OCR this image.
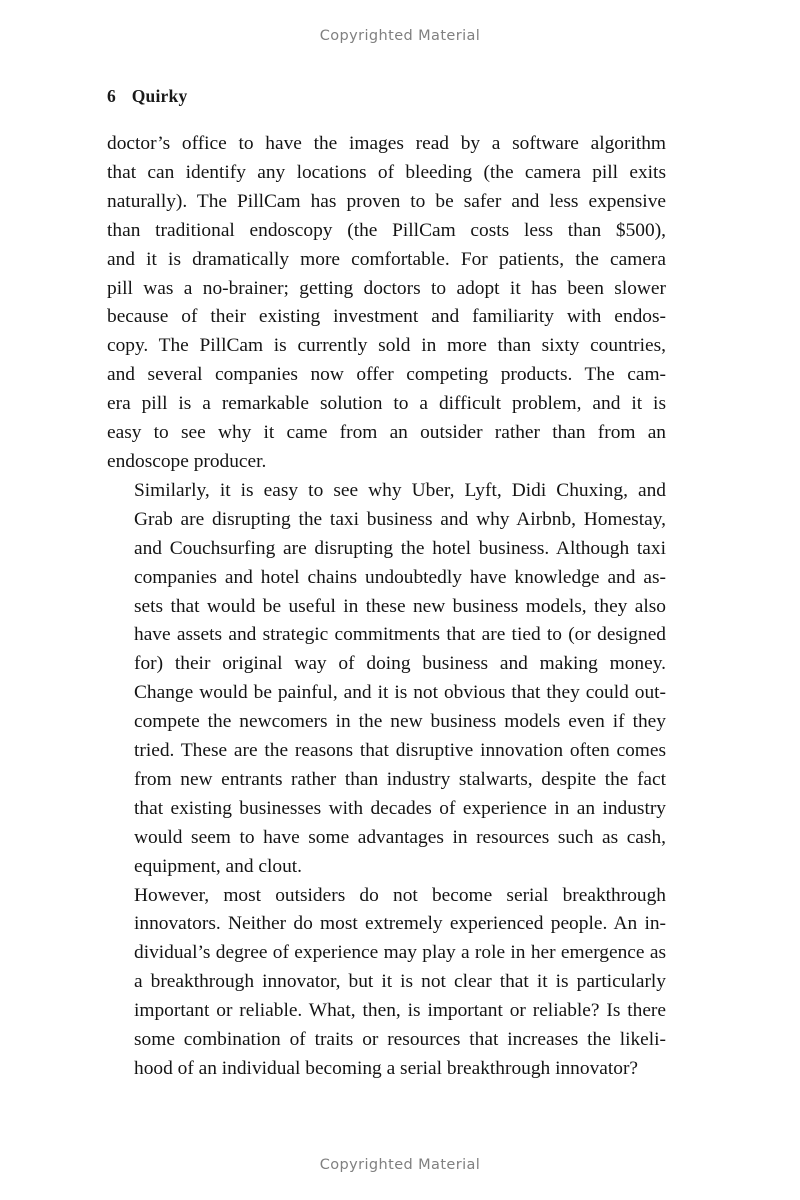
Copyrighted Material
6 Quirky

doctor’s office to have the images read by a software algorithm
that can identify any locations of bleeding (the camera pill exits
naturally). The PillCam has proven to be safer and less expensive
than traditional endoscopy (the PillCam costs less than $500),
and it is dramatically more comfortable. For patients, the camera
pill was a no-brainer; getting doctors to adopt it has been slower
because of their existing investment and familiarity with endos-
copy. The PillCam is currently sold in more than sixty countries,
and several companies now offer competing products. The cam-
era pill is a remarkable solution to a difficult problem, and it is
easy to see why it came from an outsider rather than from an
endoscope producer.

Similarly, it is easy to see why Uber, Lyft, Didi Chuxing, and
Grab are disrupting the taxi business and why Airbnb, Homestay,
and Couchsurfing are disrupting the hotel business. Although taxi
companies and hotel chains undoubtedly have knowledge and as-
sets that would be useful in these new business models, they also
have assets and strategic commitments that are tied to (or designed
for) their original way of doing business and making money.
Change would be painful, and it is not obvious that they could out-
compete the newcomers in the new business models even if they
tried. These are the reasons that disruptive innovation often comes
from new entrants rather than industry stalwarts, despite the fact
that existing businesses with decades of experience in an industry
would seem to have some advantages in resources such as cash,
equipment, and clout.

However, most outsiders do not become serial breakthrough
innovators. Neither do most extremely experienced people. An in-
dividual’s degree of experience may play a role in her emergence as
a breakthrough innovator, but it is not clear that it is particularly
important or reliable. What, then, is important or reliable? Is there
some combination of traits or resources that increases the likeli-
hood of an individual becoming a serial breakthrough innovator?

Copyrighted Material
